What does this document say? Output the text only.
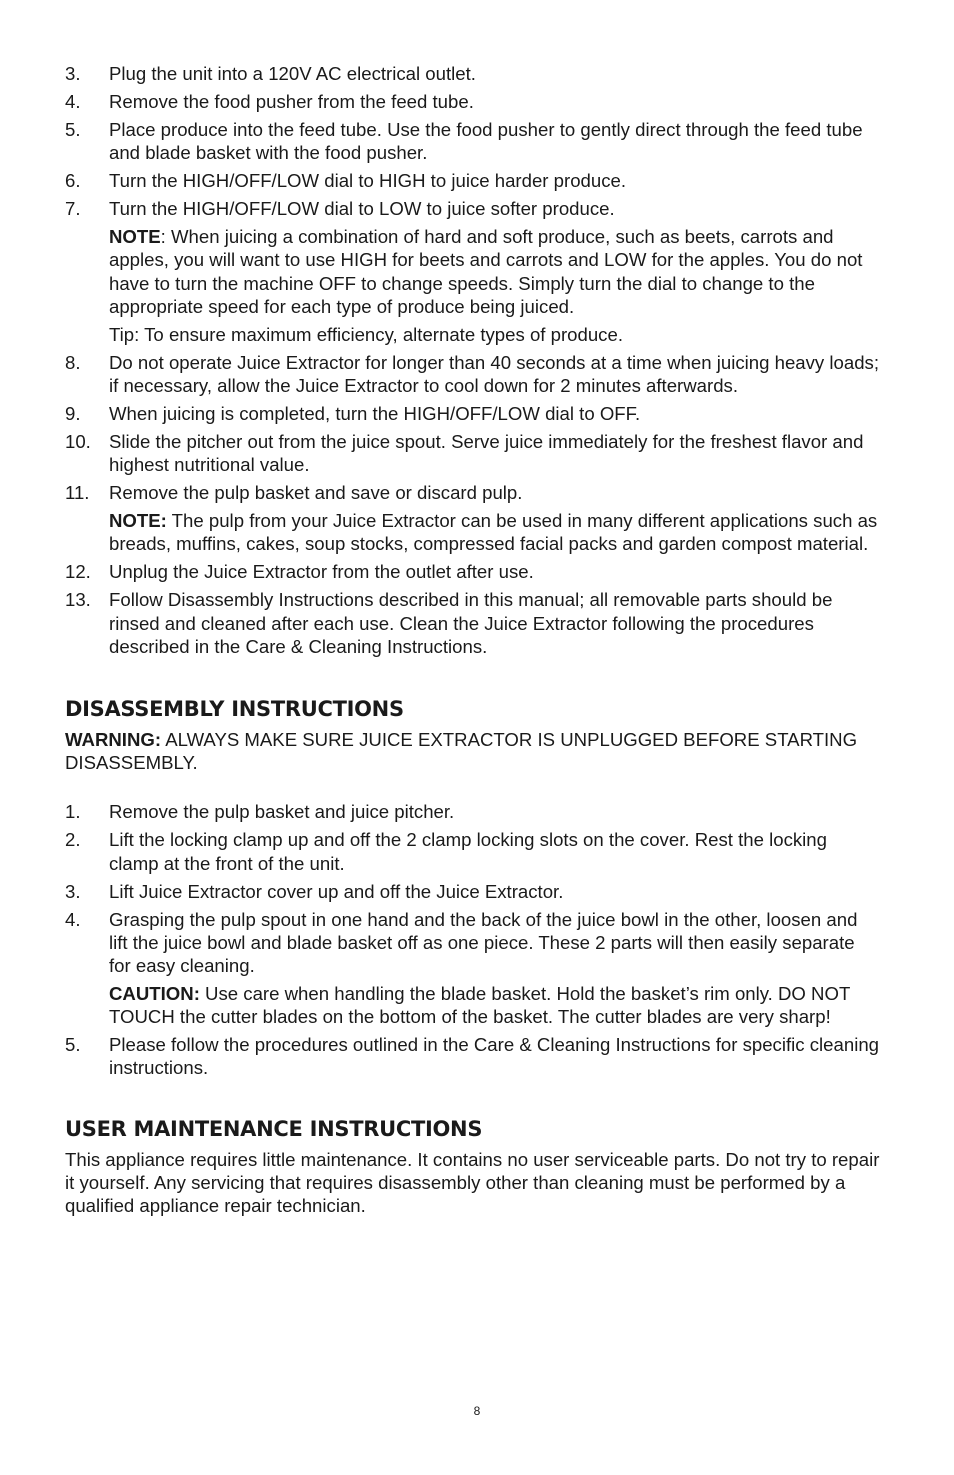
3. Plug the unit into a 120V AC electrical outlet.
4. Remove the food pusher from the feed tube.
5. Place produce into the feed tube. Use the food pusher to gently direct through the feed tube and blade basket with the food pusher.
6. Turn the HIGH/OFF/LOW dial to HIGH to juice harder produce.
7. Turn the HIGH/OFF/LOW dial to LOW to juice softer produce.
NOTE: When juicing a combination of hard and soft produce, such as beets, carrots and apples, you will want to use HIGH for beets and carrots and LOW for the apples. You do not have to turn the machine OFF to change speeds. Simply turn the dial to change to the appropriate speed for each type of produce being juiced.
Tip: To ensure maximum efficiency, alternate types of produce.
8. Do not operate Juice Extractor for longer than 40 seconds at a time when juicing heavy loads; if necessary, allow the Juice Extractor to cool down for 2 minutes afterwards.
9. When juicing is completed, turn the HIGH/OFF/LOW dial to OFF.
10. Slide the pitcher out from the juice spout. Serve juice immediately for the freshest flavor and highest nutritional value.
11. Remove the pulp basket and save or discard pulp.
NOTE: The pulp from your Juice Extractor can be used in many different applications such as breads, muffins, cakes, soup stocks, compressed facial packs and garden compost material.
12. Unplug the Juice Extractor from the outlet after use.
13. Follow Disassembly Instructions described in this manual; all removable parts should be rinsed and cleaned after each use. Clean the Juice Extractor following the procedures described in the Care & Cleaning Instructions.
DISASSEMBLY INSTRUCTIONS

WARNING: ALWAYS MAKE SURE JUICE EXTRACTOR IS UNPLUGGED BEFORE STARTING DISASSEMBLY.

1. Remove the pulp basket and juice pitcher.
2. Lift the locking clamp up and off the 2 clamp locking slots on the cover. Rest the locking clamp at the front of the unit.
3. Lift Juice Extractor cover up and off the Juice Extractor.
4. Grasping the pulp spout in one hand and the back of the juice bowl in the other, loosen and lift the juice bowl and blade basket off as one piece. These 2 parts will then easily separate for easy cleaning.
CAUTION: Use care when handling the blade basket. Hold the basket’s rim only. DO NOT TOUCH the cutter blades on the bottom of the basket. The cutter blades are very sharp!
5. Please follow the procedures outlined in the Care & Cleaning Instructions for specific cleaning instructions.
USER MAINTENANCE INSTRUCTIONS

This appliance requires little maintenance. It contains no user serviceable parts. Do not try to repair it yourself. Any servicing that requires disassembly other than cleaning must be performed by a qualified appliance repair technician.

8
